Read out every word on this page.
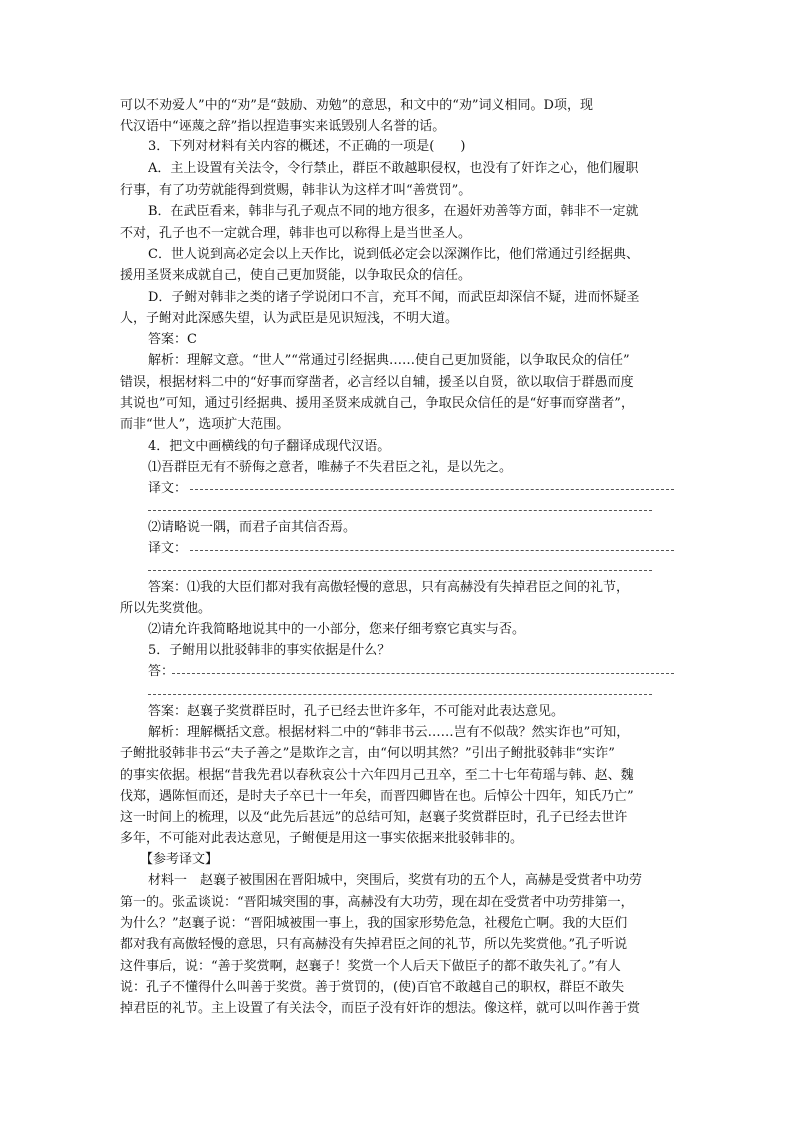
可以不劝爱人”中的“劝”是“鼓励、劝勉”的意思，和文中的“劝”词义相同。D项，现
代汉语中“诬蔑之辞”指以捏造事实来诋毁别人名誉的话。
3．下列对材料有关内容的概述，不正确的一项是(　　)
A．主上设置有关法令，令行禁止，群臣不敢越职侵权，也没有了奸诈之心，他们履职
行事，有了功劳就能得到赏赐，韩非认为这样才叫“善赏罚”。
B．在武臣看来，韩非与孔子观点不同的地方很多，在遏奸劝善等方面，韩非不一定就
不对，孔子也不一定就合理，韩非也可以称得上是当世圣人。
C．世人说到高必定会以上天作比，说到低必定会以深渊作比，他们常通过引经据典、
援用圣贤来成就自己，使自己更加贤能，以争取民众的信任。
D．子鲋对韩非之类的诸子学说闭口不言，充耳不闻，而武臣却深信不疑，进而怀疑圣
人，子鲋对此深感失望，认为武臣是见识短浅，不明大道。
答案：C
解析：理解文意。“世人”“常通过引经据典……使自己更加贤能，以争取民众的信任”
错误，根据材料二中的“好事而穿凿者，必言经以自辅，援圣以自贤，欲以取信于群愚而度
其说也”可知，通过引经据典、援用圣贤来成就自己，争取民众信任的是“好事而穿凿者”，
而非“世人”，选项扩大范围。
4．把文中画横线的句子翻译成现代汉语。
⑴吾群臣无有不骄侮之意者，唯赫子不失君臣之礼，是以先之。
译文：
⑵请略说一隅，而君子亩其信否焉。
译文：
答案：⑴我的大臣们都对我有高傲轻慢的意思，只有高赫没有失掉君臣之间的礼节，
所以先奖赏他。
⑵请允许我简略地说其中的一小部分，您来仔细考察它真实与否。
5．子鲋用以批驳韩非的事实依据是什么？
答：
答案：赵襄子奖赏群臣时，孔子已经去世许多年，不可能对此表达意见。
解析：理解概括文意。根据材料二中的“韩非书云……岂有不似哉？然实诈也”可知，
子鲋批驳韩非书云“夫子善之”是欺诈之言，由“何以明其然？”引出子鲋批驳韩非“实诈”
的事实依据。根据“昔我先君以春秋哀公十六年四月己丑卒，至二十七年荀瑶与韩、赵、魏
伐郑，遇陈恒而还，是时夫子卒已十一年矣，而晋四卿皆在也。后悼公十四年，知氏乃亡”
这一时间上的梳理，以及“此先后甚远”的总结可知，赵襄子奖赏群臣时，孔子已经去世许
多年，不可能对此表达意见，子鲋便是用这一事实依据来批驳韩非的。
【参考译文】
材料一　赵襄子被围困在晋阳城中，突围后，奖赏有功的五个人，高赫是受赏者中功劳
第一的。张孟谈说：“晋阳城突围的事，高赫没有大功劳，现在却在受赏者中功劳排第一，
为什么？”赵襄子说：“晋阳城被围一事上，我的国家形势危急，社稷危亡啊。我的大臣们
都对我有高傲轻慢的意思，只有高赫没有失掉君臣之间的礼节，所以先奖赏他。”孔子听说
这件事后，说：“善于奖赏啊，赵襄子！奖赏一个人后天下做臣子的都不敢失礼了。”有人
说：孔子不懂得什么叫善于奖赏。善于赏罚的，(使)百官不敢越自己的职权，群臣不敢失
掉君臣的礼节。主上设置了有关法令，而臣子没有奸诈的想法。像这样，就可以叫作善于赏
